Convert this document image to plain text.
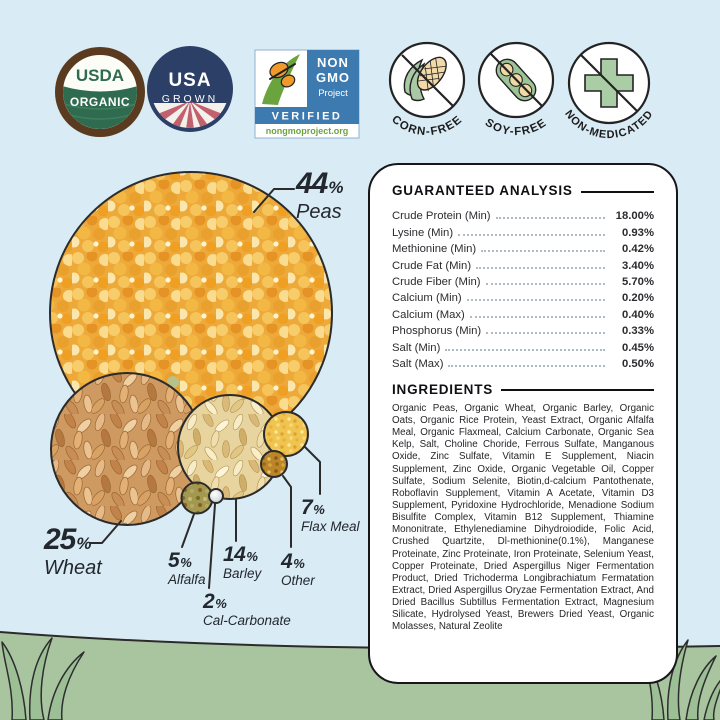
USDA
ORGANIC
USA
GROWN
NON
GMO
Project
VERIFIED
nongmoproject.org
CORN-FREE SOY-FREE
NON-MEDICATED
44%
Peas
25%
Wheat	5%
Alfalfa
2%
Cal-Carbonate
14%
Barley
4%
Other
7%
Flax Meal
GUARANTEED ANALYSIS
Crude Protein (Min)	18.00%
Lysine (Min)	0.93%
Methionine (Min)	0.42%
Crude Fat (Min)	3.40%
Crude Fiber (Min)	5.70%
Calcium (Min)	0.20%
Calcium (Max)	0.40%
Phosphorus (Min)	0.33%
Salt (Min)	0.45%
Salt (Max)	0.50%
INGREDIENTS

Organic Peas, Organic Wheat, Organic Barley, Organic Oats, Organic Rice Protein, Yeast Extract, Organic Alfalfa Meal, Organic Flaxmeal, Calcium Carbonate, Organic Sea Kelp, Salt, Choline Choride, Ferrous Sulfate, Manganous Oxide, Zinc Sulfate, Vitamin E Supplement, Niacin Supplement, Zinc Oxide, Organic Vegetable Oil, Copper Sulfate, Sodium Selenite, Biotin,d-calcium Pantothenate, Roboflavin Supplement, Vitamin A Acetate, Vitamin D3 Supplement, Pyridoxine Hydrochloride, Menadione Sodium Bisulfite Complex, Vitamin B12 Supplement, Thiamine Mononitrate, Ethylenediamine Dihydroiodide, Folic Acid, Crushed Quartzite, Dl-methionine(0.1%), Manganese Proteinate, Zinc Proteinate, Iron Proteinate, Selenium Yeast, Copper Proteinate, Dried Aspergillus Niger Fermentation Product, Dried Trichoderma Longibrachiatum Fermatation Extract, Dried Aspergillus Oryzae Fermentation Extract, And Dried Bacillus Subtillus Fermentation Extract, Magnesium Silicate, Hydrolysed Yeast, Brewers Dried Yeast, Organic Molasses, Natural Zeolite
